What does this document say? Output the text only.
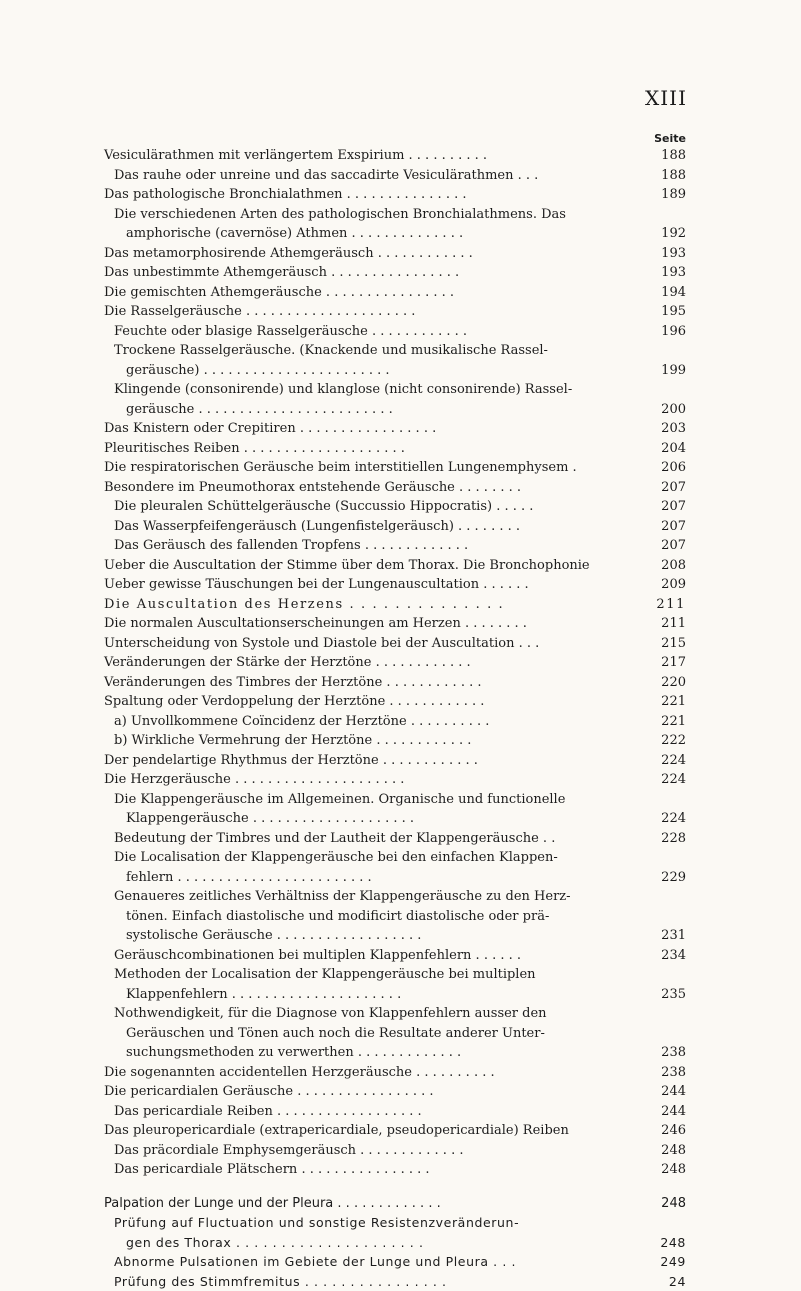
XIII
Seite
Vesiculärathmen mit verlängertem Exspirium . . . . . . . . . .	188
Das rauhe oder unreine und das saccadirte Vesiculärathmen . . .	188
Das pathologische Bronchialathmen . . . . . . . . . . . . . . .	189
Die verschiedenen Arten des pathologischen Bronchialathmens. Das
amphorische (cavernöse) Athmen . . . . . . . . . . . . . .	192
Das metamorphosirende Athemgeräusch . . . . . . . . . . . .	193
Das unbestimmte Athemgeräusch . . . . . . . . . . . . . . . .	193
Die gemischten Athemgeräusche . . . . . . . . . . . . . . . .	194
Die Rasselgeräusche . . . . . . . . . . . . . . . . . . . . .	195
Feuchte oder blasige Rasselgeräusche . . . . . . . . . . . .	196
Trockene Rasselgeräusche. (Knackende und musikalische Rassel-
geräusche) . . . . . . . . . . . . . . . . . . . . . . .	199
Klingende (consonirende) und klanglose (nicht consonirende) Rassel-
geräusche . . . . . . . . . . . . . . . . . . . . . . . .	200
Das Knistern oder Crepitiren . . . . . . . . . . . . . . . . .	203
Pleuritisches Reiben . . . . . . . . . . . . . . . . . . . .	204
Die respiratorischen Geräusche beim interstitiellen Lungenemphysem .	206
Besondere im Pneumothorax entstehende Geräusche . . . . . . . .	207
Die pleuralen Schüttelgeräusche (Succussio Hippocratis) . . . . .	207
Das Wasserpfeifengeräusch (Lungenfistelgeräusch) . . . . . . . .	207
Das Geräusch des fallenden Tropfens . . . . . . . . . . . . .	207
Ueber die Auscultation der Stimme über dem Thorax. Die Bronchophonie	208
Ueber gewisse Täuschungen bei der Lungenauscultation . . . . . .	209
Die Auscultation des Herzens . . . . . . . . . . . . . .	211
Die normalen Auscultationserscheinungen am Herzen . . . . . . . .	211
Unterscheidung von Systole und Diastole bei der Auscultation . . .	215
Veränderungen der Stärke der Herztöne . . . . . . . . . . . .	217
Veränderungen des Timbres der Herztöne . . . . . . . . . . . .	220
Spaltung oder Verdoppelung der Herztöne . . . . . . . . . . . .	221
a) Unvollkommene Coïncidenz der Herztöne . . . . . . . . . .	221
b) Wirkliche Vermehrung der Herztöne . . . . . . . . . . . .	222
Der pendelartige Rhythmus der Herztöne . . . . . . . . . . . .	224
Die Herzgeräusche . . . . . . . . . . . . . . . . . . . . .	224
Die Klappengeräusche im Allgemeinen. Organische und functionelle
Klappengeräusche . . . . . . . . . . . . . . . . . . . .	224
Bedeutung der Timbres und der Lautheit der Klappengeräusche . .	228
Die Localisation der Klappengeräusche bei den einfachen Klappen-
fehlern . . . . . . . . . . . . . . . . . . . . . . . .	229
Genaueres zeitliches Verhältniss der Klappengeräusche zu den Herz-
tönen. Einfach diastolische und modificirt diastolische oder prä-
systolische Geräusche . . . . . . . . . . . . . . . . . .	231
Geräuschcombinationen bei multiplen Klappenfehlern . . . . . .	234
Methoden der Localisation der Klappengeräusche bei multiplen
Klappenfehlern . . . . . . . . . . . . . . . . . . . . .	235
Nothwendigkeit, für die Diagnose von Klappenfehlern ausser den
Geräuschen und Tönen auch noch die Resultate anderer Unter-
suchungsmethoden zu verwerthen . . . . . . . . . . . . .	238
Die sogenannten accidentellen Herzgeräusche . . . . . . . . . .	238
Die pericardialen Geräusche . . . . . . . . . . . . . . . . .	244
Das pericardiale Reiben . . . . . . . . . . . . . . . . . .	244
Das pleuropericardiale (extrapericardiale, pseudopericardiale) Reiben	246
Das präcordiale Emphysemgeräusch . . . . . . . . . . . . .	248
Das pericardiale Plätschern . . . . . . . . . . . . . . . .	248
Palpation der Lunge und der Pleura . . . . . . . . . . . . .	248
Prüfung auf Fluctuation und sonstige Resistenzveränderun-
gen des Thorax . . . . . . . . . . . . . . . . . . . . .	248
Abnorme Pulsationen im Gebiete der Lunge und Pleura . . .	249
Prüfung des Stimmfremitus . . . . . . . . . . . . . . . .	24
